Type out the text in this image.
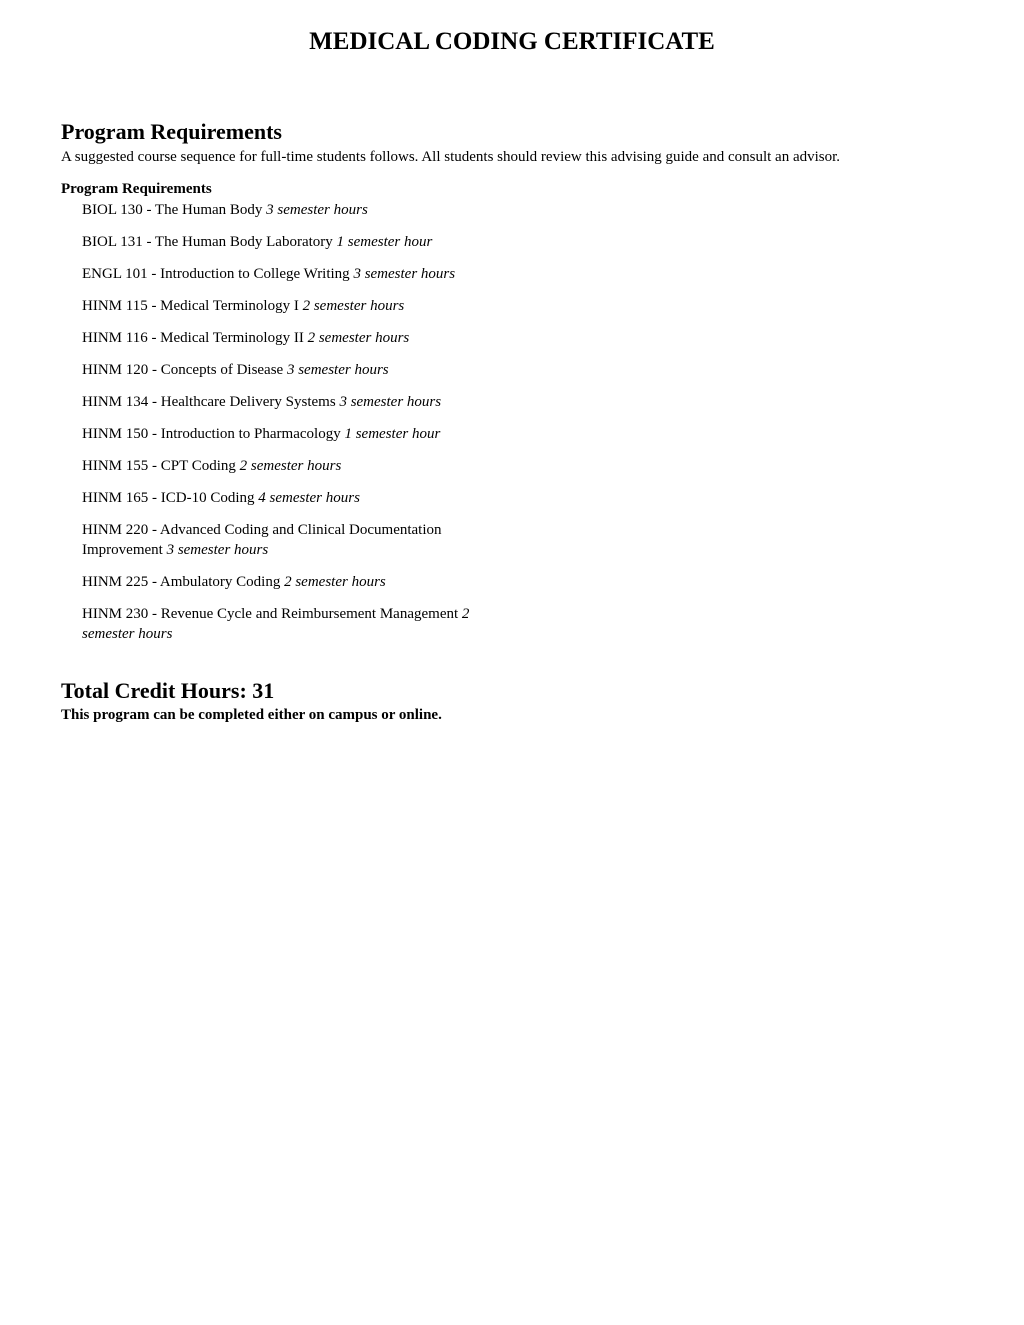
MEDICAL CODING CERTIFICATE
Program Requirements

A suggested course sequence for full-time students follows. All students should review this advising guide and consult an advisor.

Program Requirements
BIOL 130 - The Human Body 3 semester hours
BIOL 131 - The Human Body Laboratory 1 semester hour
ENGL 101 - Introduction to College Writing 3 semester hours
HINM 115 - Medical Terminology I 2 semester hours
HINM 116 - Medical Terminology II 2 semester hours
HINM 120 - Concepts of Disease 3 semester hours
HINM 134 - Healthcare Delivery Systems 3 semester hours
HINM 150 - Introduction to Pharmacology 1 semester hour
HINM 155 - CPT Coding 2 semester hours
HINM 165 - ICD-10 Coding 4 semester hours
HINM 220 - Advanced Coding and Clinical Documentation Improvement 3 semester hours
HINM 225 - Ambulatory Coding 2 semester hours
HINM 230 - Revenue Cycle and Reimbursement Management 2 semester hours
Total Credit Hours: 31

This program can be completed either on campus or online.
